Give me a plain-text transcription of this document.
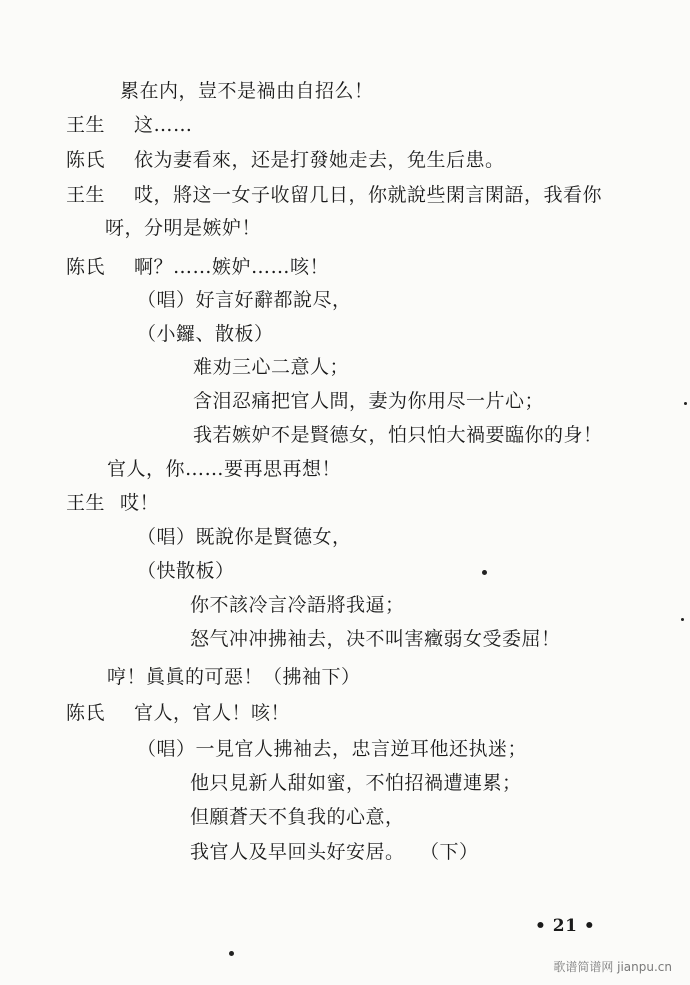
累在内，豈不是禍由自招么！
王生 这……
陈氏 依为妻看來，还是打發她走去，免生后患。
王生 哎，將这一女子收留几日，你就說些閑言閑語，我看你
呀，分明是嫉妒！
陈氏 啊？……嫉妒……咳！
（唱）好言好辭都說尽，
（小鑼、散板）
难劝三心二意人；
含泪忍痛把官人問，妻为你用尽一片心；
我若嫉妒不是賢德女，怕只怕大禍要臨你的身！
官人，你……要再思再想！
王生 哎！
（唱）既說你是賢德女，
（快散板）
你不該冷言冷語將我逼；
怒气冲冲拂袖去，决不叫害癥弱女受委屈！
哼！眞眞的可惡！（拂袖下）
陈氏 官人，官人！咳！
（唱）一見官人拂袖去，忠言逆耳他还执迷；
他只見新人甜如蜜，不怕招禍遭連累；
但願蒼天不負我的心意，
我官人及早回头好安居。 （下）
• 21 •
歌谱简谱网 jianpu.cn
